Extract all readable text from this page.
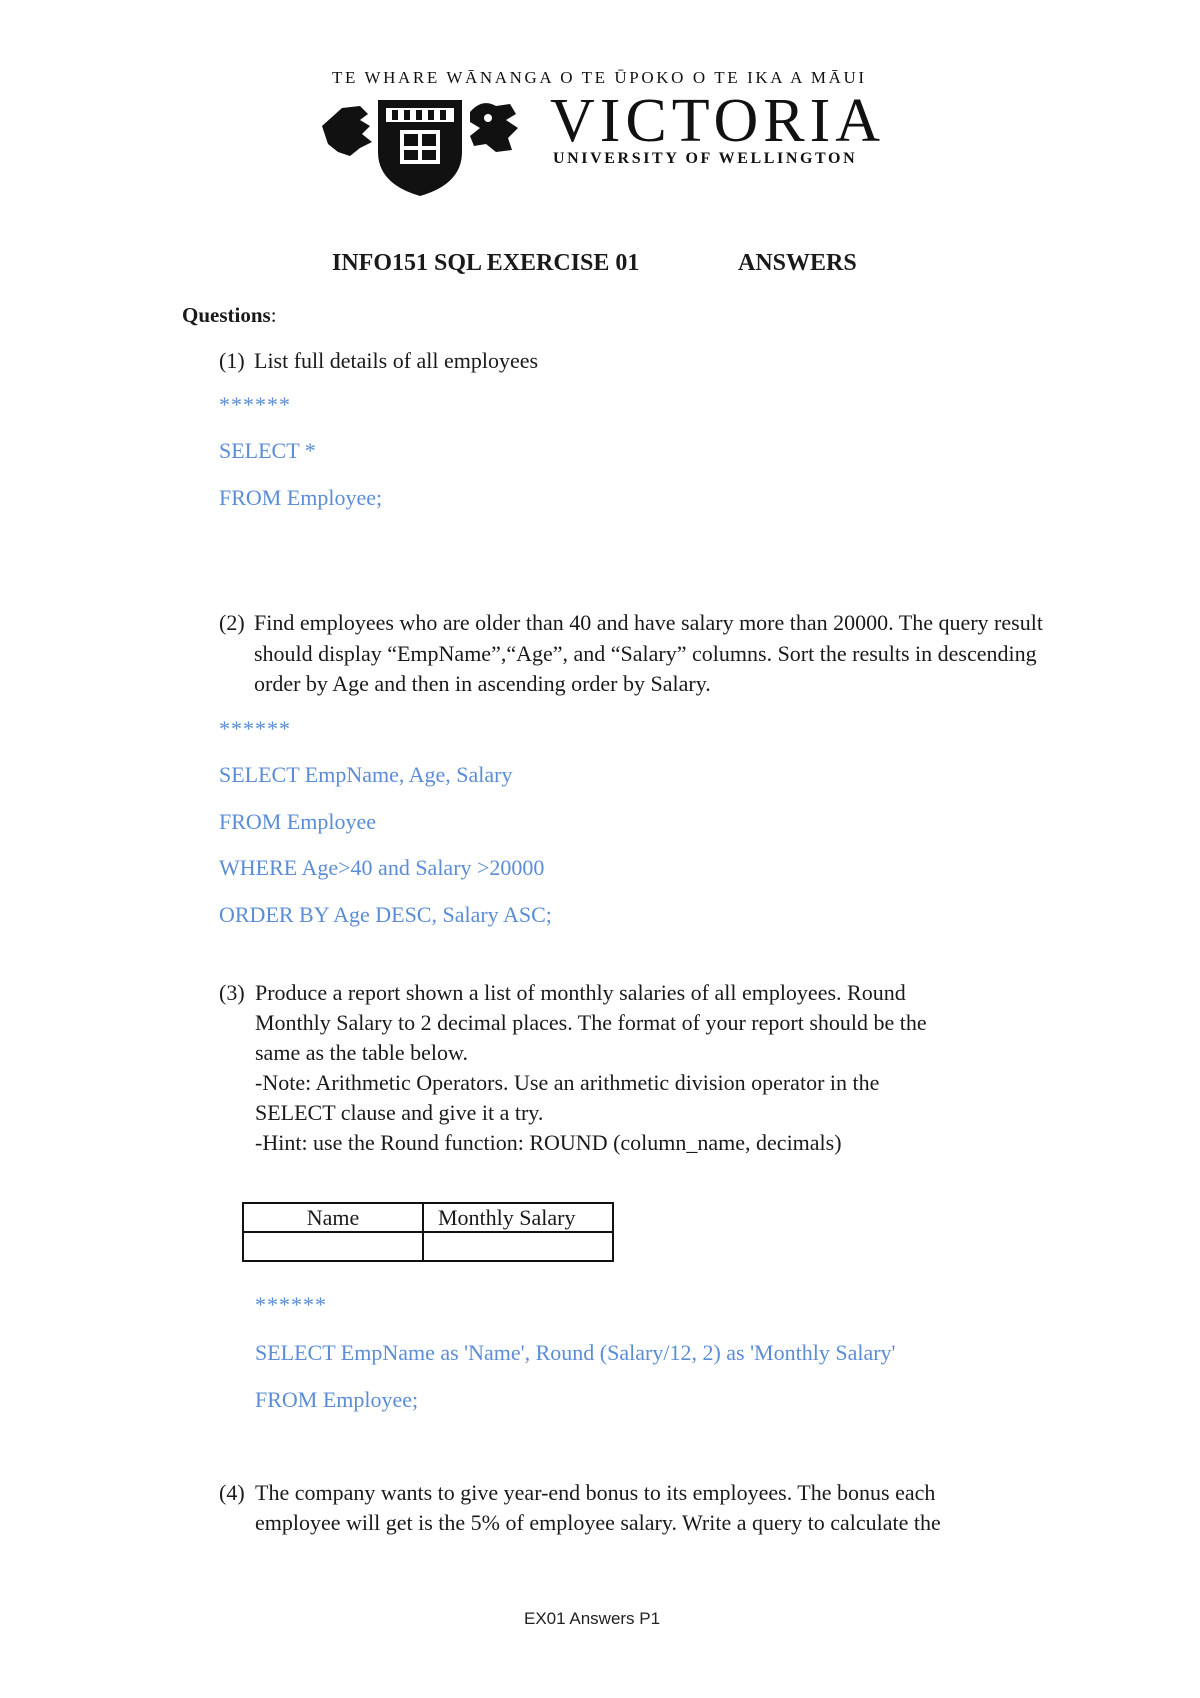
TE WHARE WĀNANGA O TE ŪPOKO O TE IKA A MĀUI
VICTORIA
UNIVERSITY OF WELLINGTON
INFO151 SQL EXERCISE 01	ANSWERS
Questions:
(1) List full details of all employees
******
SELECT *
FROM Employee;
(2) Find employees who are older than 40 and have salary more than 20000. The query result should display “EmpName”,“Age”, and “Salary” columns. Sort the results in descending order by Age and then in ascending order by Salary.
******
SELECT EmpName, Age, Salary
FROM Employee
WHERE Age>40 and Salary >20000
ORDER BY Age DESC, Salary ASC;
(3) Produce a report shown a list of monthly salaries of all employees. Round
Monthly Salary to 2 decimal places. The format of your report should be the
same as the table below.
-Note: Arithmetic Operators. Use an arithmetic division operator in the
SELECT clause and give it a try.
-Hint: use the Round function: ROUND (column_name, decimals)
Name	Monthly Salary

******
SELECT EmpName as 'Name', Round (Salary/12, 2) as 'Monthly Salary'
FROM Employee;
(4) The company wants to give year-end bonus to its employees. The bonus each
employee will get is the 5% of employee salary. Write a query to calculate the
EX01 Answers P1
